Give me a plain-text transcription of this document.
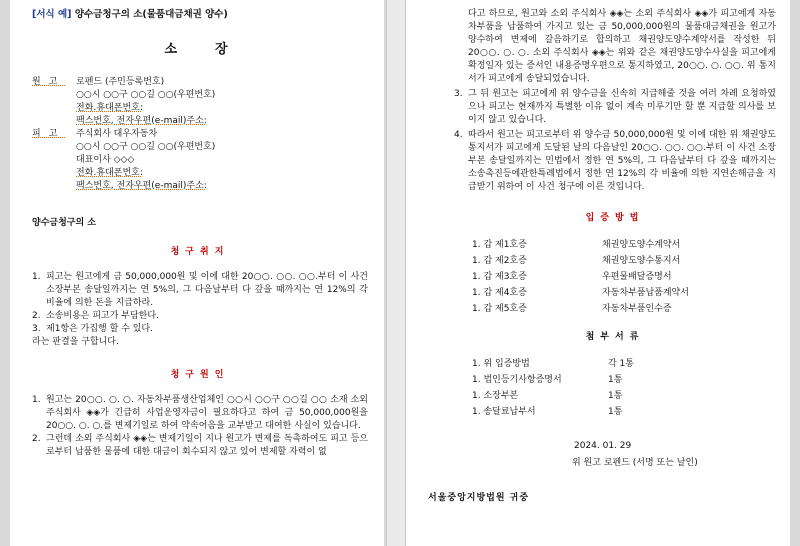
[서식 예] 양수금청구의 소(물품대금채권 양수)
소장
원고	로펜드 (주민등록번호)
○○시 ○○구 ○○길 ○○(우편번호)
전화․휴대폰번호:
팩스번호, 전자우편(e-mail)주소:
피고	주식회사 대우자동차
○○시 ○○구 ○○길 ○○(우편번호)
대표이사 ◇◇◇
전화․휴대폰번호:
팩스번호, 전자우편(e-mail)주소:
양수금청구의 소
청구취지
1. 피고는 원고에게 금 50,000,000원 및 이에 대한 20○○. ○○. ○○.부터 이 사건 소장부본 송달일까지는 연 5%의, 그 다음날부터 다 갚을 때까지는 연 12%의 각 비율에 의한 돈을 지급하라.
2. 소송비용은 피고가 부담한다.
3. 제1항은 가집행 할 수 있다.
라는 판결을 구합니다.
청구원인
1. 원고는 20○○. ○. ○. 자동차부품생산업체인 ○○시 ○○구 ○○길 ○○ 소재 소외 주식회사 ◈◈가 긴급히 사업운영자금이 필요하다고 하여 금 50,000,000원을 20○○. ○. ○.를 변제기일로 하여 약속어음을 교부받고 대여한 사실이 있습니다.
2. 그런데 소외 주식회사 ◈◈는 변제기일이 지나 원고가 변제를 독촉하여도 피고 등으로부터 납품한 물품에 대한 대금이 회수되지 않고 있어 변제할 자력이 없
다고 하므로, 원고와 소외 주식회사 ◈◈는 소외 주식회사 ◈◈가 피고에게 자동차부품을 납품하여 가지고 있는 금 50,000,000원의 물품대금채권을 원고가 양수하여 변제에 갈음하기로 합의하고 채권양도양수계약서를 작성한 뒤 20○○. ○. ○. 소외 주식회사 ◈◈는 위와 같은 채권양도양수사실을 피고에게 확정일자 있는 증서인 내용증명우편으로 통지하였고, 20○○. ○. ○○. 위 통지서가 피고에게 송달되었습니다.
3. 그 뒤 원고는 피고에게 위 양수금을 신속히 지급해줄 것을 여러 차례 요청하였으나 피고는 현재까지 특별한 이유 없이 계속 미루기만 할 뿐 지급할 의사를 보이지 않고 있습니다.
4. 따라서 원고는 피고로부터 위 양수금 50,000,000원 및 이에 대한 위 채권양도통지서가 피고에게 도달된 날의 다음날인 20○○. ○○. ○○.부터 이 사건 소장부본 송달일까지는 민법에서 정한 연 5%의, 그 다음날부터 다 갚을 때까지는 소송촉진등에관한특례법에서 정한 연 12%의 각 비율에 의한 지연손해금을 지급받기 위하여 이 사건 청구에 이른 것입니다.
입증방법
1. 갑 제1호증	채권양도양수계약서
1. 갑 제2호증	채권양도양수통지서
1. 갑 제3호증	우편물배달증명서
1. 갑 제4호증	자동차부품납품계약서
1. 갑 제5호증	자동차부품인수증
첨부서류
1. 위 입증방법	각 1통
1. 법인등기사항증명서	1통
1. 소장부본	1통
1. 송달료납부서	1통
2024. 01. 29
위 원고 로펜드 (서명 또는 날인)
서울중앙지방법원 귀중
